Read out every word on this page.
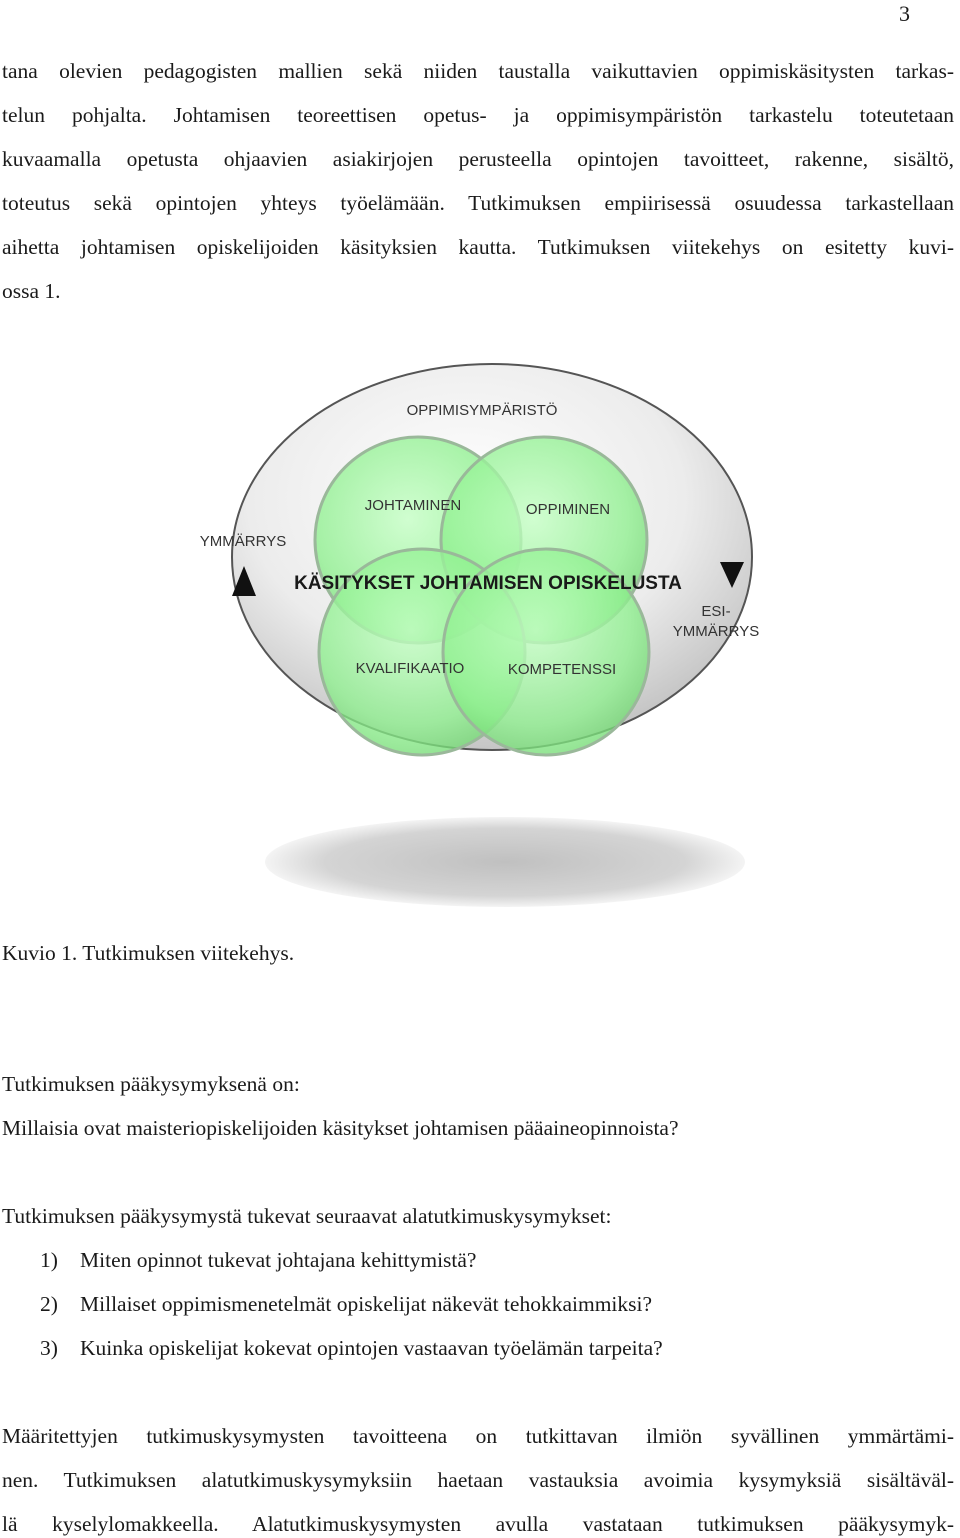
3
tana olevien pedagogisten mallien sekä niiden taustalla vaikuttavien oppimiskäsitysten tarkas-
telun pohjalta. Johtamisen teoreettisen opetus- ja oppimisympäristön tarkastelu toteutetaan
kuvaamalla opetusta ohjaavien asiakirjojen perusteella opintojen tavoitteet, rakenne, sisältö,
toteutus sekä opintojen yhteys työelämään. Tutkimuksen empiirisessä osuudessa tarkastellaan
aihetta johtamisen opiskelijoiden käsityksien kautta. Tutkimuksen viitekehys on esitetty kuvi-
ossa 1.
OPPIMISYMPÄRISTÖ
JOHTAMINEN	OPPIMINEN
YMMÄRRYS
KÄSITYKSET JOHTAMISEN OPISKELUSTA
ESI-
YMMÄRRYS
KVALIFIKAATIO	KOMPETENSSI
Kuvio 1. Tutkimuksen viitekehys.
Tutkimuksen pääkysymyksenä on:
Millaisia ovat maisteriopiskelijoiden käsitykset johtamisen pääaineopinnoista?
Tutkimuksen pääkysymystä tukevat seuraavat alatutkimuskysymykset:
1) Miten opinnot tukevat johtajana kehittymistä?
2) Millaiset oppimismenetelmät opiskelijat näkevät tehokkaimmiksi?
3) Kuinka opiskelijat kokevat opintojen vastaavan työelämän tarpeita?
Määritettyjen tutkimuskysymysten tavoitteena on tutkittavan ilmiön syvällinen ymmärtämi-
nen. Tutkimuksen alatutkimuskysymyksiin haetaan vastauksia avoimia kysymyksiä sisältäväl-
lä kyselylomakkeella. Alatutkimuskysymysten avulla vastataan tutkimuksen pääkysymyk-
